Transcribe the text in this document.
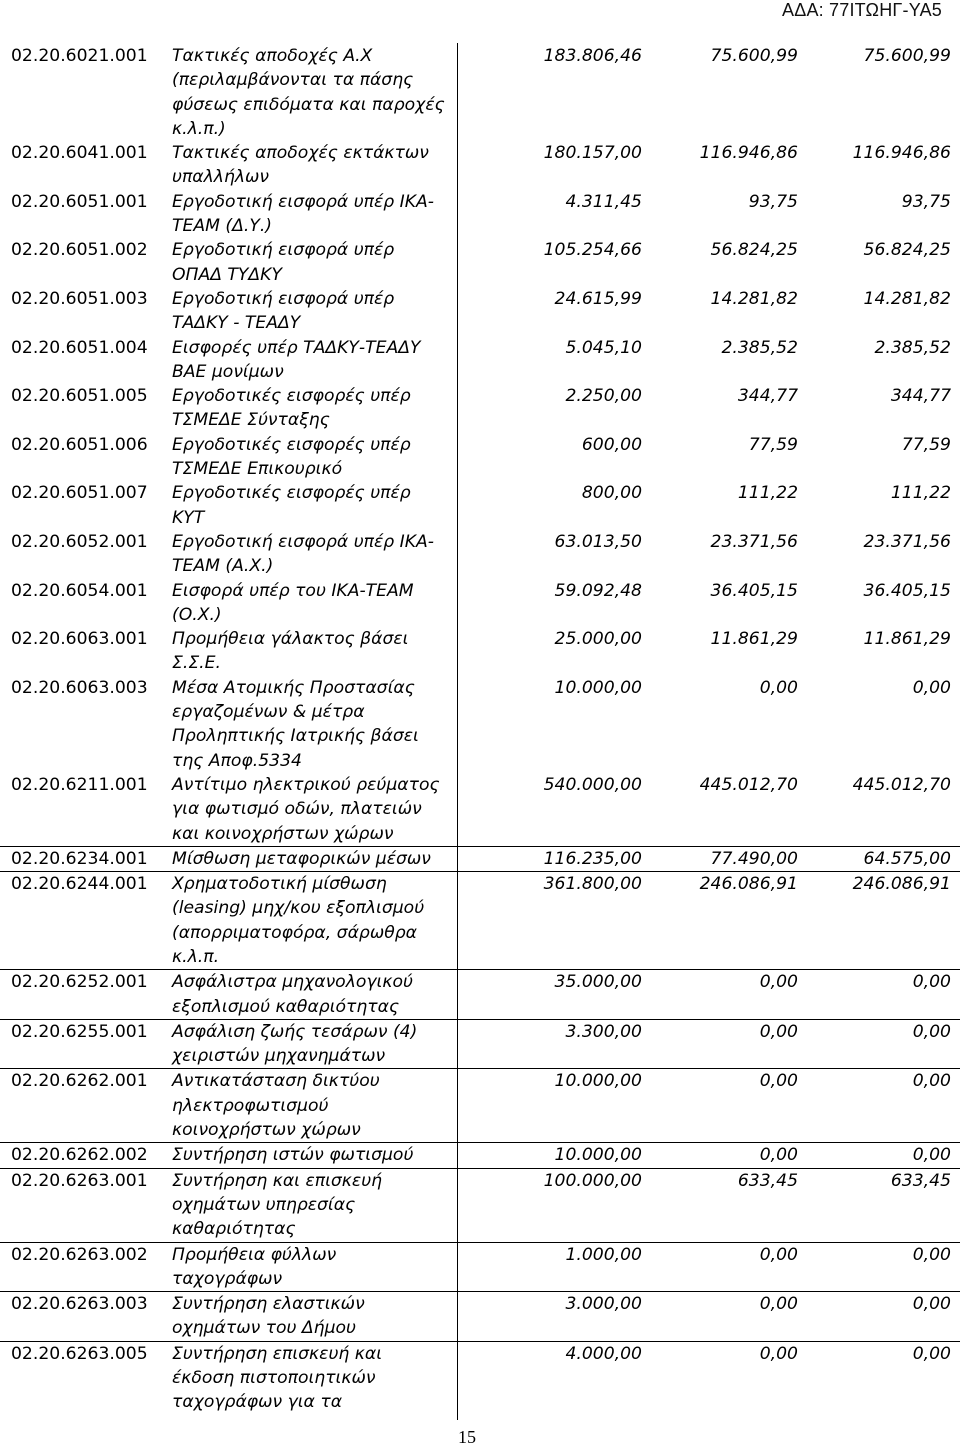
ΑΔΑ: 77ΙΤΩΗΓ-ΥΑ5
02.20.6021.001 Τακτικές αποδοχές Α.Χ
(περιλαμβάνονται τα πάσης
φύσεως επιδόματα και παροχές
κ.λ.π.)
183.806,46	75.600,99	75.600,99
02.20.6041.001 Τακτικές αποδοχές εκτάκτων
υπαλλήλων
180.157,00	116.946,86	116.946,86
02.20.6051.001 Εργοδοτική εισφορά υπέρ ΙΚΑ-
ΤΕΑΜ (Δ.Υ.)
4.311,45	93,75	93,75
02.20.6051.002 Εργοδοτική εισφορά υπέρ
ΟΠΑΔ ΤΥΔΚΥ
105.254,66	56.824,25	56.824,25
02.20.6051.003 Εργοδοτική εισφορά υπέρ
ΤΑΔΚΥ - ΤΕΑΔΥ
24.615,99	14.281,82	14.281,82
02.20.6051.004 Εισφορές υπέρ ΤΑΔΚΥ-ΤΕΑΔΥ
ΒΑΕ μονίμων
5.045,10	2.385,52	2.385,52
02.20.6051.005 Εργοδοτικές εισφορές υπέρ
ΤΣΜΕΔΕ Σύνταξης
2.250,00	344,77	344,77
02.20.6051.006 Εργοδοτικές εισφορές υπέρ
ΤΣΜΕΔΕ Επικουρικό
600,00	77,59	77,59
02.20.6051.007 Εργοδοτικές εισφορές υπέρ
ΚΥΤ
800,00	111,22	111,22
02.20.6052.001 Εργοδοτική εισφορά υπέρ ΙΚΑ-
ΤΕΑΜ (Α.Χ.)
63.013,50	23.371,56	23.371,56
02.20.6054.001 Εισφορά υπέρ του ΙΚΑ-ΤΕΑΜ
(Ο.Χ.)
59.092,48	36.405,15	36.405,15
02.20.6063.001 Προμήθεια γάλακτος βάσει
Σ.Σ.Ε.
25.000,00	11.861,29	11.861,29
02.20.6063.003 Μέσα Ατομικής Προστασίας
εργαζομένων & μέτρα
Προληπτικής Ιατρικής βάσει
της Αποφ.5334
10.000,00	0,00	0,00
02.20.6211.001 Αντίτιμο ηλεκτρικού ρεύματος
για φωτισμό οδών, πλατειών
και κοινοχρήστων χώρων
540.000,00	445.012,70	445.012,70
02.20.6234.001 Μίσθωση μεταφορικών μέσων	116.235,00	77.490,00	64.575,00
02.20.6244.001 Χρηματοδοτική μίσθωση
(leasing) μηχ/κου εξοπλισμού
(απορριματοφόρα, σάρωθρα
κ.λ.π.
361.800,00	246.086,91	246.086,91
02.20.6252.001 Ασφάλιστρα μηχανολογικού
εξοπλισμού καθαριότητας
35.000,00	0,00	0,00
02.20.6255.001 Ασφάλιση ζωής τεσάρων (4)
χειριστών μηχανημάτων
3.300,00	0,00	0,00
02.20.6262.001 Αντικατάσταση δικτύου
ηλεκτροφωτισμού
κοινοχρήστων χώρων
10.000,00	0,00	0,00
02.20.6262.002 Συντήρηση ιστών φωτισμού	10.000,00	0,00	0,00
02.20.6263.001 Συντήρηση και επισκευή
οχημάτων υπηρεσίας
καθαριότητας
100.000,00	633,45	633,45
02.20.6263.002 Προμήθεια φύλλων
ταχογράφων
1.000,00	0,00	0,00
02.20.6263.003 Συντήρηση ελαστικών
οχημάτων του Δήμου
3.000,00	0,00	0,00
02.20.6263.005 Συντήρηση επισκευή και
έκδοση πιστοποιητικών
ταχογράφων για τα
4.000,00	0,00	0,00
15
